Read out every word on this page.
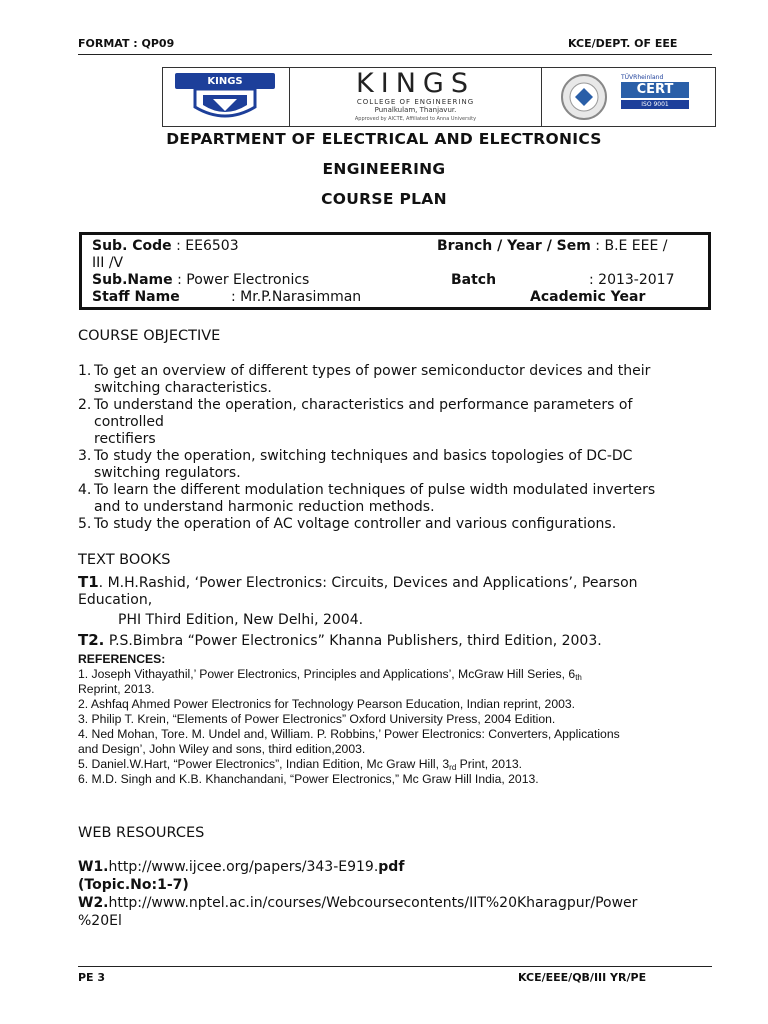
FORMAT : QP09	KCE/DEPT. OF EEE
KINGS	KINGS
COLLEGE OF ENGINEERING
Punalkulam, Thanjavur.
Approved by AICTE, Affiliated to Anna University
TÜVRheinland
CERT
ISO 9001
DEPARTMENT OF ELECTRICAL AND ELECTRONICS
ENGINEERING
COURSE PLAN
Sub. Code : EE6503	Branch / Year / Sem : B.E EEE /
III /V
Sub.Name : Power Electronics	Batch	: 2013-2017
Staff Name	: Mr.P.Narasimman	Academic Year
COURSE OBJECTIVE
1. To get an overview of different types of power semiconductor devices and their
switching characteristics.
2. To understand the operation, characteristics and performance parameters of
controlled
rectifiers
3. To study the operation, switching techniques and basics topologies of DC-DC
switching regulators.
4. To learn the different modulation techniques of pulse width modulated inverters
and to understand harmonic reduction methods.
5. To study the operation of AC voltage controller and various configurations.
TEXT BOOKS
T1. M.H.Rashid, ‘Power Electronics: Circuits, Devices and Applications’, Pearson
Education,
PHI Third Edition, New Delhi, 2004.
T2. P.S.Bimbra “Power Electronics” Khanna Publishers, third Edition, 2003.
REFERENCES:
1. Joseph Vithayathil,’ Power Electronics, Principles and Applications’, McGraw Hill Series, $6_{th}$
Reprint, 2013.
2. Ashfaq Ahmed Power Electronics for Technology Pearson Education, Indian reprint, 2003.
3. Philip T. Krein, “Elements of Power Electronics” Oxford University Press, 2004 Edition.
4. Ned Mohan, Tore. M. Undel and, William. P. Robbins,’ Power Electronics: Converters, Applications
and Design’, John Wiley and sons, third edition,2003.
5. Daniel.W.Hart, “Power Electronics”, Indian Edition, Mc Graw Hill, $3_{rd}$ Print, 2013.
6. M.D. Singh and K.B. Khanchandani, “Power Electronics,” Mc Graw Hill India, 2013.
WEB RESOURCES
W1.http://www.ijcee.org/papers/343-E919.pdf
(Topic.No:1-7)
W2.http://www.nptel.ac.in/courses/Webcoursecontents/IIT%20Kharagpur/Power
%20El
PE 3	KCE/EEE/QB/III YR/PE
